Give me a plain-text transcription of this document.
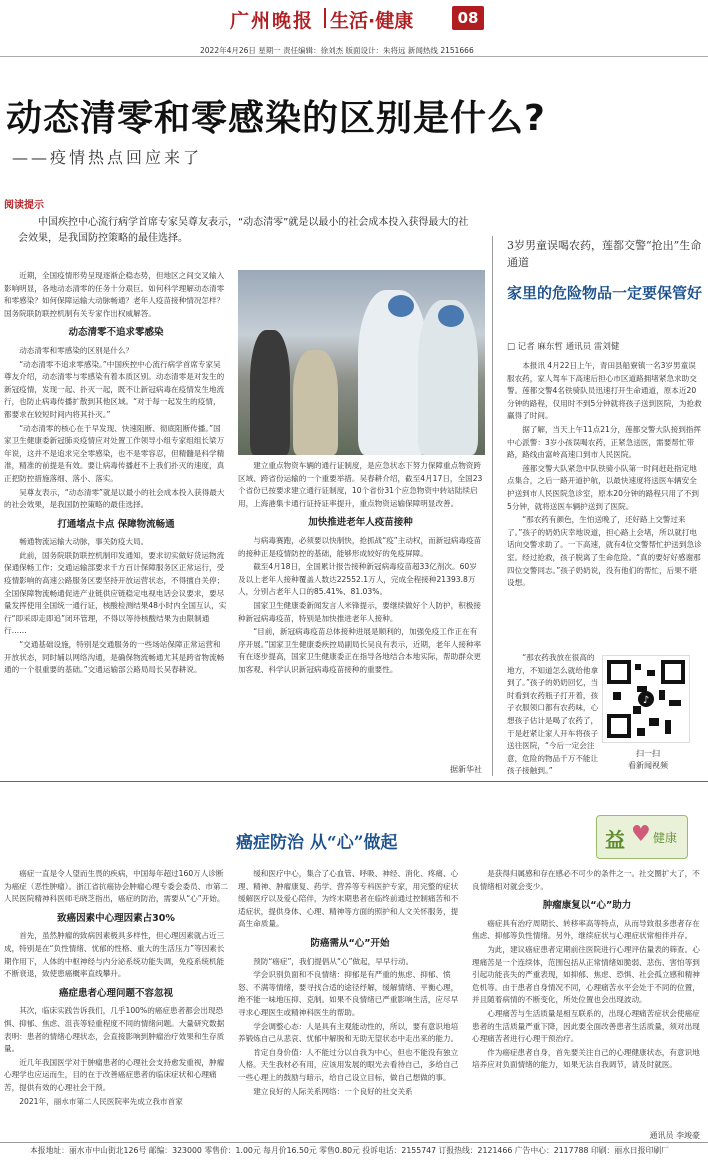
广州晚报 生活·健康	08
2022年4月26日 星期一 责任编辑：徐刘杰 版面设计：朱将远 新闻热线 2151666
动态清零和零感染的区别是什么?
——疫情热点回应来了
阅读提示
中国疾控中心流行病学首席专家吴尊友表示，“动态清零”就是以最小的社会成本投入获得最大的社会效果，是我国防控策略的最佳选择。

近期，全国疫情形势呈现逐渐企稳态势，但地区之间交叉输入影响明显，各地动态清零的任务十分艰巨。如何科学理解动态清零和零感染？如何保障运输大动脉畅通？老年人疫苗接种情况怎样？国务院联防联控机制有关专家作出权威解答。

动态清零不追求零感染

动态清零和零感染的区别是什么？

“动态清零不追求零感染。”中国疾控中心流行病学首席专家吴尊友介绍，动态清零与零感染有着本质区别。动态清零是对发生的新冠疫情，发现一起、扑灭一起，既不让新冠病毒在疫情发生地流行，也防止病毒传播扩散到其他区域。“对于每一起发生的疫情，都要求在较短时间内将其扑灭。”

“动态清零的核心在于早发现、快速阻断、彻底阻断传播。”国家卫生健康委新冠肺炎疫情应对处置工作领导小组专家组组长梁万年说，这并不是追求完全零感染，也不是零容忍，但精髓是科学精准，精准的前提是有效。要让病毒传播赶不上我们扑灭的速度，真正把防控措施落细、落小、落实。

吴尊友表示，“动态清零”就是以最小的社会成本投入获得最大的社会效果，是我国防控策略的最佳选择。

打通堵点卡点 保障物流畅通

畅通物流运输大动脉，事关防疫大局。

此前，国务院联防联控机制印发通知，要求切实做好货运物流保通保畅工作；交通运输部要求千方百计保障服务区正常运行，受疫情影响的高速公路服务区要坚持开放运营状态，不得擅自关停；全国保障物流畅通促进产业链供应链稳定电视电话会议要求，要尽量发挥使用全国统一通行证，核酸检测结果48小时内全国互认，实行“即采即走即追”闭环管理，不得以等待核酸结果为由限制通行……

“交通基础设施，特别是交通服务的一些场站保障正常运营和开放状态，同时辅以网络沟通，是确保物流畅通尤其是跨省物流畅通的一个很重要的基础。”交通运输部公路局局长吴春耕说。

建立重点物资车辆的通行证制度，是应急状态下努力保障重点物资跨区域、跨省份运输的一个重要举措。吴春耕介绍，截至4月17日，全国23个省份已按要求建立通行证制度，10个省份31个应急物资中转站陆续启用，上海港集卡通行证持证率提升，重点物资运输保障明显改善。

加快推进老年人疫苗接种

与病毒赛跑，必须要以快制快，抢抓战“疫”主动权，而新冠病毒疫苗的接种正是疫情防控的基础，能够形成较好的免疫屏障。

截至4月18日，全国累计报告接种新冠病毒疫苗超33亿剂次。60岁及以上老年人接种覆盖人数达22552.1万人，完成全程接种21393.8万人，分别占老年人口的85.41%、81.03%。

国家卫生健康委新闻发言人米锋提示，要继续做好个人防护，积极接种新冠病毒疫苗，特别是加快推进老年人接种。

“目前，新冠病毒疫苗总体接种进展是顺利的，加强免疫工作正在有序开展。”国家卫生健康委疾控局副局长吴良有表示，近期，老年人接种率有在逐步提高，国家卫生健康委正在指导各地结合本地实际，帮助群众更加客观、科学认识新冠病毒疫苗接种的重要性。

据新华社
3岁男童误喝农药，莲都交警“抢出”生命通道
家里的危险物品一定要保管好
□ 记者 麻东哲 通讯员 雷刘健

本报讯 4月22日上午，青田县船寮镇一名3岁男童误服农药，家人驾车下高速后担心市区道路拥堵紧急求助交警。莲都交警4名铁骑队员迅速打开生命通道，原本近20分钟的路程，仅用时不到5分钟就将孩子送到医院，为抢救赢得了时间。

据了解，当天上午11点21分，莲都交警大队接到指挥中心派警：3岁小孩误喝农药，正紧急送医，需要帮忙带路，路线由富岭高速口到市人民医院。

莲都交警大队紧急中队铁骑小队第一时间赶赴指定地点集合，之后一路开道护航，以最快速度将送医车辆安全护送到市人民医院急诊室，原本20分钟的路程只用了不到5分钟，就将送医车辆护送到了医院。

“那农药有颜色，生怕送晚了，还好路上交警过来了。”孩子的奶奶庆幸地说道，担心路上会堵，所以就打电话向交警求助了。一下高速，就有4位交警帮忙护送到急诊室。经过抢救，孩子脱离了生命危险。“真的要好好感谢那四位交警同志。”孩子奶奶说，没有他们的帮忙，后果不堪设想。

“那农药我放在很高的地方，不知道怎么就给他拿到了。”孩子的奶奶回忆，当时看到农药瓶子打开着，孩子衣服领口都有农药味，心想孩子估计是喝了农药了，于是赶紧让家人开车将孩子送往医院，“今后一定会注意，危险的物品千万不能让孩子接触到。”

♪
扫一扫
看新闻视频
癌症防治 从“心”做起	益 ♥ 健康

癌症一直是令人望而生畏的疾病，中国每年超过160万人诊断为癌症（恶性肿瘤）。浙江省抗癌协会肿瘤心理专委会委员、市第二人民医院精神科医师毛晓芝指出，癌症的防治，需要从“心”开始。

致癌因素中心理因素占30%

首先，虽然肿瘤的致病因素极具多样性，但心理因素就占近三成，特别是在“负性情绪、忧郁的性格、重大的生活压力”等因素长期作用下，人体的中枢神经与内分泌系统功能失调，免疫系统机能不断衰退，致使患癌概率直线攀升。

癌症患者心理问题不容忽视

其次，临床实践告诉我们，几乎100%的癌症患者都会出现恐惧、抑郁、焦虑、沮丧等轻重程度不同的情绪问题。大量研究数据表明：患者的情绪心理状态，会直接影响到肿瘤治疗效果和生存质量。

近几年我国医学对于肿瘤患者的心理社会支持愈发重视，肿瘤心理学也应运而生，目的在于改善癌症患者的临床症状和心理痛苦，提供有效的心理社会干预。

2021年，丽水市第二人民医院率先成立我市首家

缓和医疗中心，集合了心血管、呼吸、神经、消化、疼痛、心理、精神、肿瘤康复、药学、营养等专科医护专家，用完整的症状缓解医疗以及爱心陪伴，为终末期患者在临终前通过控制痛苦和不适症状，提供身体、心理、精神等方面的照护和人文关怀服务，提高生命质量。

防癌需从“心”开始

预防“癌症”，我们提倡从“心”做起，早早行动。

学会识别负面和不良情绪：抑郁是有严重的焦虑、抑郁、愤怒、不满等情绪，要寻找合适的途径纾解，缓解情绪、平衡心理，绝不能一味地压抑、克制。如果不良情绪已严重影响生活，应尽早寻求心理医生或精神科医生的帮助。

学会调整心态：人是具有主观能动性的，所以，要有意识地培养锻炼自己从悲哀、忧郁中解脱和无助无望状态中走出来的能力。

肯定自身价值：人不能过分以自我为中心，但也不能没有独立人格。天生我材必有用，应该用发展的眼光去看待自己，多给自己一些心理上的鼓励与暗示，给自己设立目标，做自己想做的事。

建立良好的人际关系网络：一个良好的社交关系

是获得归属感和存在感必不可少的条件之一。社交圈扩大了，不良情绪相对就会变少。

肿瘤康复以“心”助力

癌症具有治疗周期长、转移率高等特点，从而导致很多患者存在焦虑、抑郁等负性情绪。另外，继续症状与心理症状常相伴并存。

为此，建议癌症患者定期前往医院进行心理评估量表的筛查。心理痛苦是一个连续体，范围包括从正常情绪如脆弱、悲伤、害怕等到引起功能丧失的严重表现，如抑郁、焦虑、恐惧、社会孤立感和精神危机等。由于患者自身情况不同，心理痛苦水平会处于不同的位置，并且随着病情的不断变化，所处位置也会出现波动。

心理痛苦与生活质量是相互联系的，出现心理痛苦症状会使癌症患者的生活质量严重下降，因此要全面改善患者生活质量，须对出现心理痛苦者进行心理干预治疗。

作为癌症患者自身，首先要关注自己的心理健康状态，有意识地培养应对负面情绪的能力，如果无法自我调节，请及时就医。

通讯员 李竣豪
本报地址：丽水市中山街北126号 邮编：323000 零售价：1.00元 每月价16.50元 零售0.80元 投诉电话：2155747 订报热线：2121466 广告中心：2117788 印刷：丽水日报印刷厂
